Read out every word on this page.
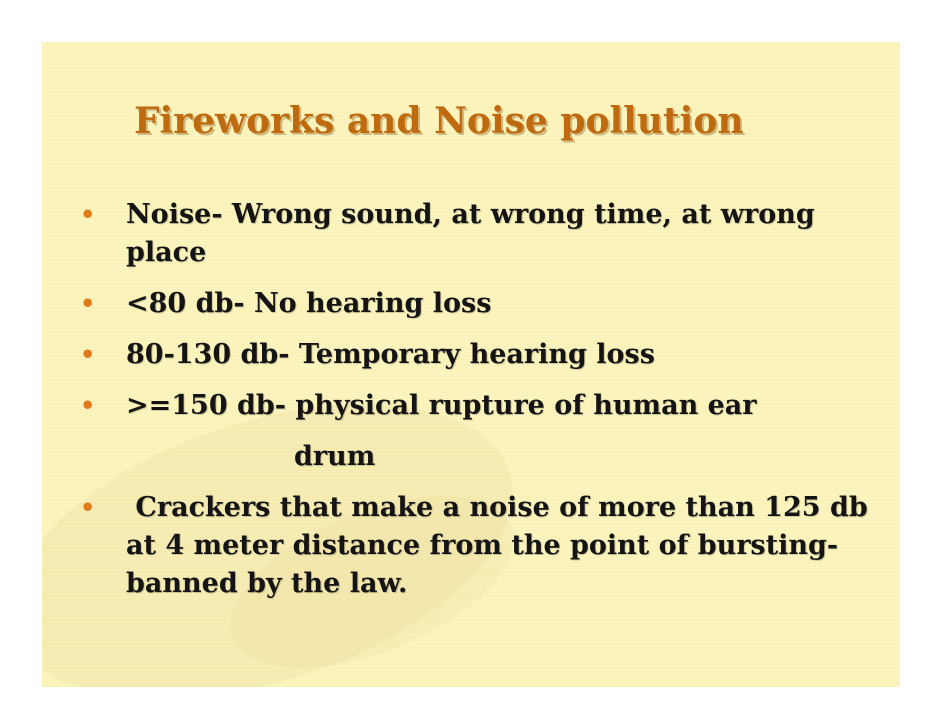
Fireworks and Noise pollution
• Noise- Wrong sound, at wrong time, at wrong place
• <80 db- No hearing loss
• 80-130 db- Temporary hearing loss
• >=150 db- physical rupture of human ear
drum
• Crackers that make a noise of more than 125 db at 4 meter distance from the point of bursting- banned by the law.
